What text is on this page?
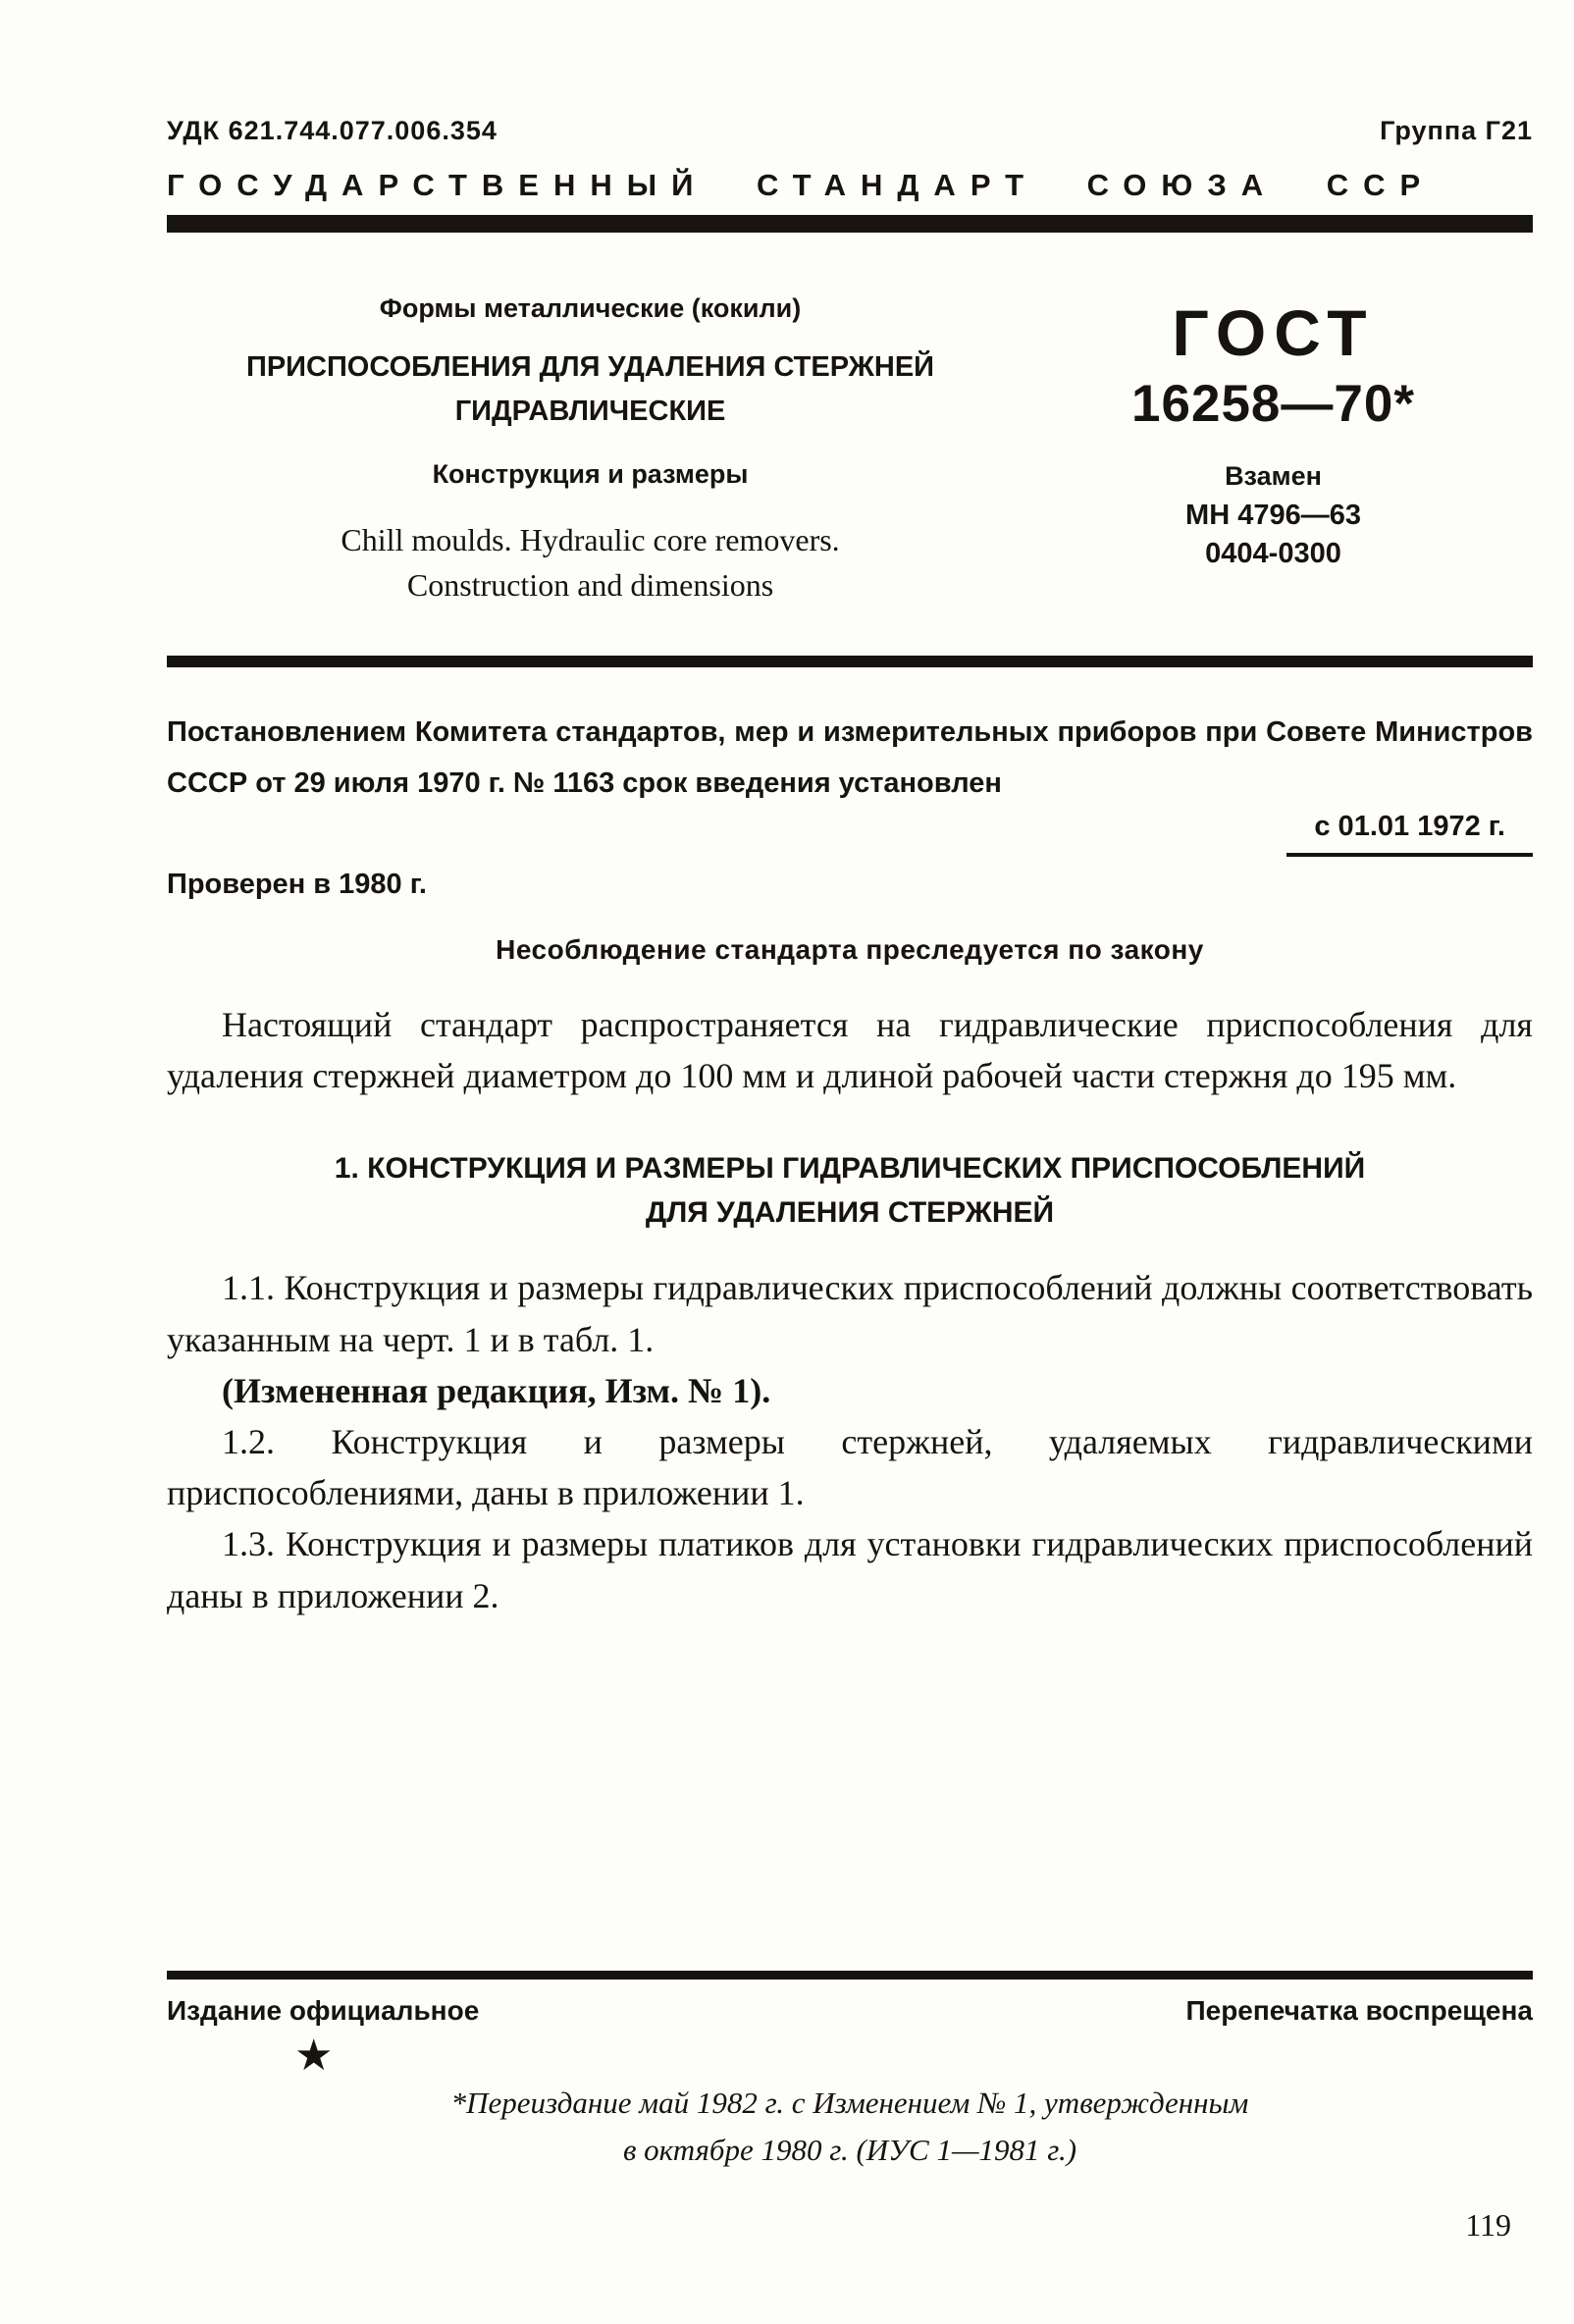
УДК 621.744.077.006.354	Группа Г21
ГОСУДАРСТВЕННЫЙ СТАНДАРТ СОЮЗА ССР
Формы металлические (кокили)
ПРИСПОСОБЛЕНИЯ ДЛЯ УДАЛЕНИЯ СТЕРЖНЕЙ
ГИДРАВЛИЧЕСКИЕ
Конструкция и размеры
Chill moulds. Hydraulic core removers.
Construction and dimensions
ГОСТ
16258—70*
Взамен
МН 4796—63
0404-0300
Постановлением Комитета стандартов, мер и измерительных приборов при Совете Министров СССР от 29 июля 1970 г. № 1163 срок введения установлен
с 01.01 1972 г.
Проверен в 1980 г.
Несоблюдение стандарта преследуется по закону
Настоящий стандарт распространяется на гидравлические приспособления для удаления стержней диаметром до 100 мм и длиной рабочей части стержня до 195 мм.
1. КОНСТРУКЦИЯ И РАЗМЕРЫ ГИДРАВЛИЧЕСКИХ ПРИСПОСОБЛЕНИЙ
ДЛЯ УДАЛЕНИЯ СТЕРЖНЕЙ
1.1. Конструкция и размеры гидравлических приспособлений должны соответствовать указанным на черт. 1 и в табл. 1.
(Измененная редакция, Изм. № 1).
1.2. Конструкция и размеры стержней, удаляемых гидравлическими приспособлениями, даны в приложении 1.
1.3. Конструкция и размеры платиков для установки гидравлических приспособлений даны в приложении 2.
Издание официальное	Перепечатка воспрещена
★
*Переиздание май 1982 г. с Изменением № 1, утвержденным
в октябре 1980 г. (ИУС 1—1981 г.)
119
